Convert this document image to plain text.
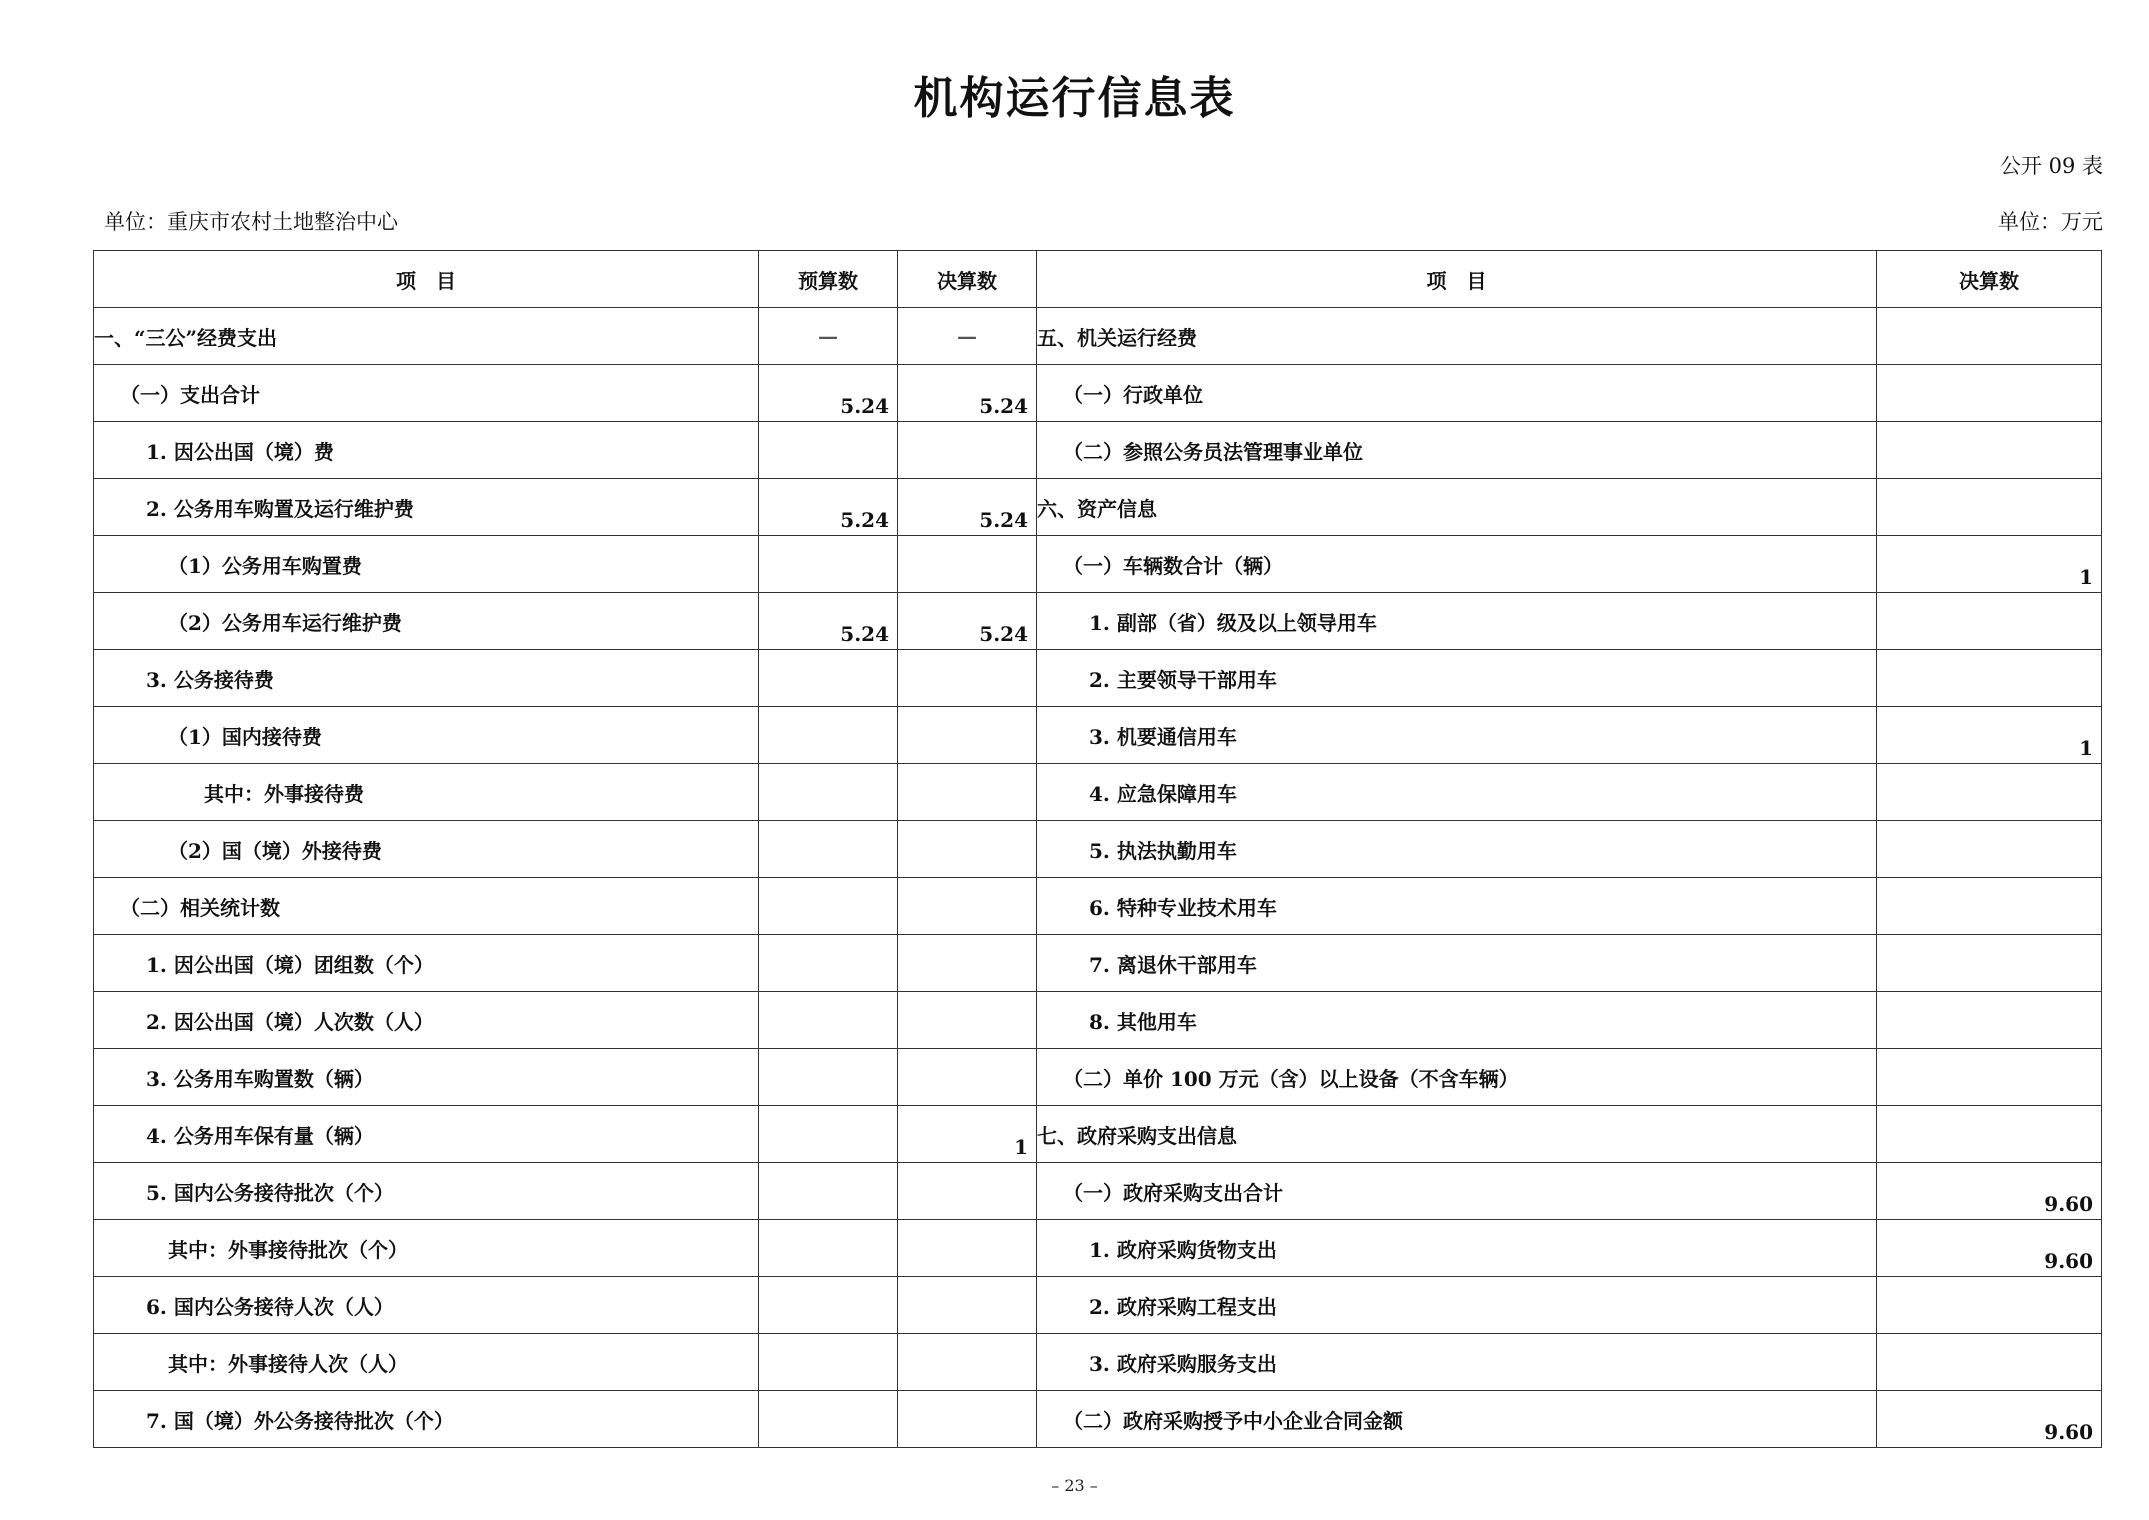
机构运行信息表
公开 09 表
单位：重庆市农村土地整治中心	单位：万元
项　目	预算数	决算数	项　目	决算数
一、“三公”经费支出	—	—	五、机关运行经费	

（一）支出合计	5.24	5.24	（一）行政单位	

1. 因公出国（境）费			（二）参照公务员法管理事业单位	

2. 公务用车购置及运行维护费	5.24	5.24	六、资产信息	

（1）公务用车购置费			（一）车辆数合计（辆）	1

（2）公务用车运行维护费	5.24	5.24	1. 副部（省）级及以上领导用车	

3. 公务接待费			2. 主要领导干部用车	

（1）国内接待费			3. 机要通信用车	1

其中：外事接待费			4. 应急保障用车	

（2）国（境）外接待费			5. 执法执勤用车	

（二）相关统计数			6. 特种专业技术用车	

1. 因公出国（境）团组数（个）			7. 离退休干部用车	

2. 因公出国（境）人次数（人）			8. 其他用车	

3. 公务用车购置数（辆）			（二）单价 100 万元（含）以上设备（不含车辆）	

4. 公务用车保有量（辆）		1	七、政府采购支出信息	

5. 国内公务接待批次（个）			（一）政府采购支出合计	9.60

其中：外事接待批次（个）			1. 政府采购货物支出	9.60

6. 国内公务接待人次（人）			2. 政府采购工程支出	

其中：外事接待人次（人）			3. 政府采购服务支出	

7. 国（境）外公务接待批次（个）			（二）政府采购授予中小企业合同金额	9.60
– 23 –
